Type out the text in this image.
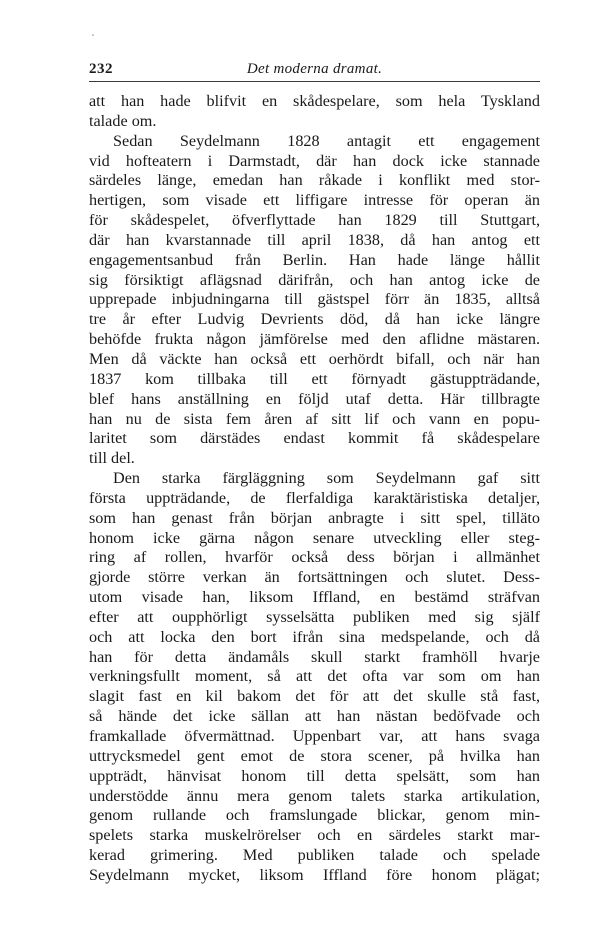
232	Det moderna dramat.
att han hade blifvit en skådespelare, som hela Tyskland
talade om.
Sedan Seydelmann 1828 antagit ett engagement
vid hofteatern i Darmstadt, där han dock icke stannade
särdeles länge, emedan han råkade i konflikt med stor-
hertigen, som visade ett liffigare intresse för operan än
för skådespelet, öfverflyttade han 1829 till Stuttgart,
där han kvarstannade till april 1838, då han antog ett
engagementsanbud från Berlin. Han hade länge hållit
sig försiktigt aflägsnad därifrån, och han antog icke de
upprepade inbjudningarna till gästspel förr än 1835, alltså
tre år efter Ludvig Devrients död, då han icke längre
behöfde frukta någon jämförelse med den aflidne mästaren.
Men då väckte han också ett oerhördt bifall, och när han
1837 kom tillbaka till ett förnyadt gästuppträdande,
blef hans anställning en följd utaf detta. Här tillbragte
han nu de sista fem åren af sitt lif och vann en popu-
laritet som därstädes endast kommit få skådespelare
till del.
Den starka färgläggning som Seydelmann gaf sitt
första uppträdande, de flerfaldiga karaktäristiska detaljer,
som han genast från början anbragte i sitt spel, tilläto
honom icke gärna någon senare utveckling eller steg-
ring af rollen, hvarför också dess början i allmänhet
gjorde större verkan än fortsättningen och slutet. Dess-
utom visade han, liksom Iffland, en bestämd sträfvan
efter att oupphörligt sysselsätta publiken med sig själf
och att locka den bort ifrån sina medspelande, och då
han för detta ändamåls skull starkt framhöll hvarje
verkningsfullt moment, så att det ofta var som om han
slagit fast en kil bakom det för att det skulle stå fast,
så hände det icke sällan att han nästan bedöfvade och
framkallade öfvermättnad. Uppenbart var, att hans svaga
uttrycksmedel gent emot de stora scener, på hvilka han
uppträdt, hänvisat honom till detta spelsätt, som han
understödde ännu mera genom talets starka artikulation,
genom rullande och framslungade blickar, genom min-
spelets starka muskelrörelser och en särdeles starkt mar-
kerad grimering. Med publiken talade och spelade
Seydelmann mycket, liksom Iffland före honom plägat;
